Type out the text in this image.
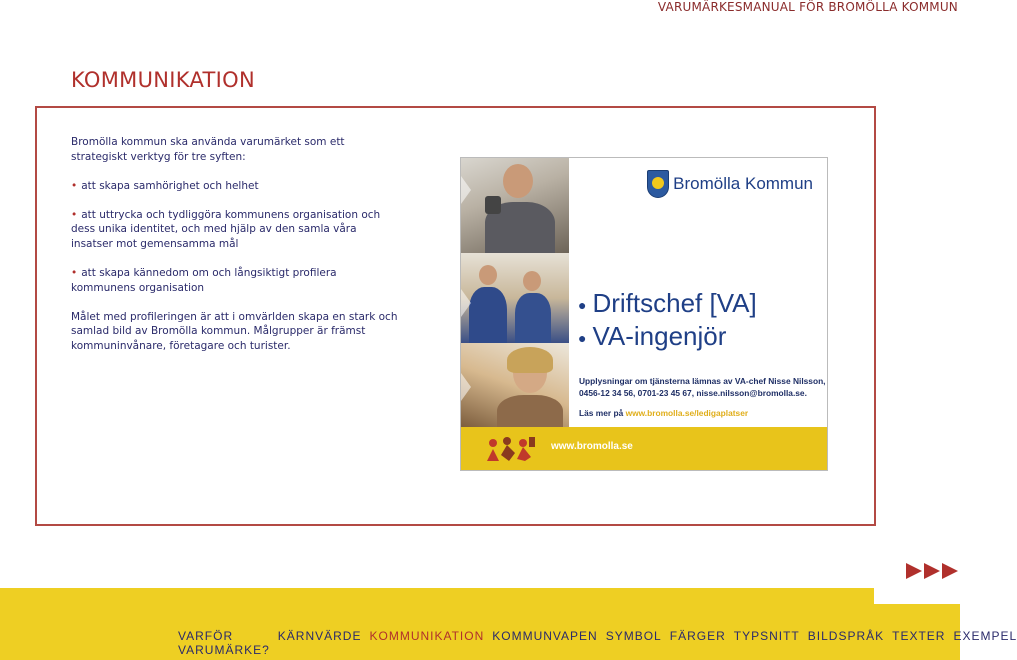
VARUMÄRKESMANUAL FÖR BROMÖLLA KOMMUN
KOMMUNIKATION

Bromölla kommun ska använda varumärket som ett strategiskt verktyg för tre syften:

• att skapa samhörighet och helhet

• att uttrycka och tydliggöra kommunens organisation och dess unika identitet, och med hjälp av den samla våra insatser mot gemensamma mål

• att skapa kännedom om och långsiktigt profilera kommunens organisation

Målet med profileringen är att i omvärlden skapa en stark och samlad bild av Bromölla kommun. Målgrupper är främst kommuninvånare, företagare och turister.

Bromölla Kommun
● Driftschef [VA]
● VA-ingenjör
Upplysningar om tjänsterna lämnas av VA-chef Nisse Nilsson,
0456-12 34 56, 0701-23 45 67, nisse.nilsson@bromolla.se.
Läs mer på www.bromolla.se/ledigaplatser
www.bromolla.se
VARFÖR VARUMÄRKE?
KÄRNVÄRDE KOMMUNIKATION KOMMUNVAPEN SYMBOL FÄRGER TYPSNITT BILDSPRÅK TEXTER EXEMPEL
